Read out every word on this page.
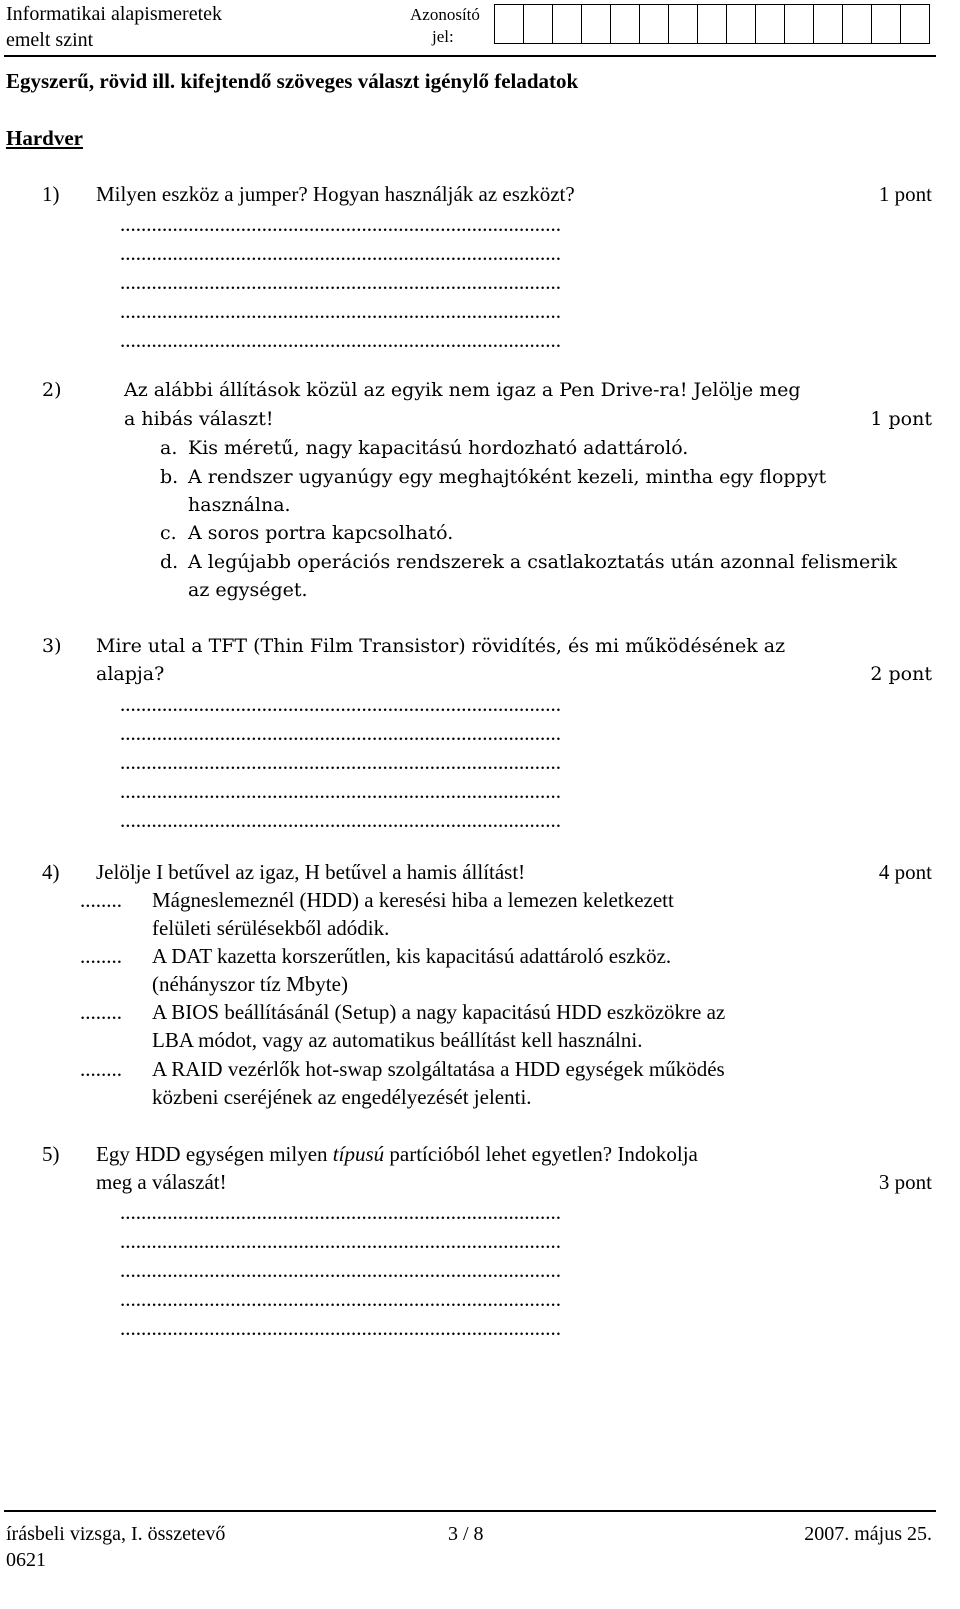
Informatikai alapismeretek
emelt szint
Azonosító
jel:
Egyszerű, rövid ill. kifejtendő szöveges választ igénylő feladatok
Hardver
1) Milyen eszköz a jumper? Hogyan használják az eszközt?	1 pont
....................................................................................
....................................................................................
....................................................................................
....................................................................................
....................................................................................
2)	Az alábbi állítások közül az egyik nem igaz a Pen Drive-ra! Jelölje meg
a hibás választ!	1 pont
a. Kis méretű, nagy kapacitású hordozható adattároló.
b. A rendszer ugyanúgy egy meghajtóként kezeli, mintha egy floppyt
használna.
c. A soros portra kapcsolható.
d. A legújabb operációs rendszerek a csatlakoztatás után azonnal felismerik
az egységet.
3) Mire utal a TFT (Thin Film Transistor) rövidítés, és mi működésének az
alapja?	2 pont
....................................................................................
....................................................................................
....................................................................................
....................................................................................
....................................................................................
4) Jelölje I betűvel az igaz, H betűvel a hamis állítást!	4 pont
........ Mágneslemeznél (HDD) a keresési hiba a lemezen keletkezett
felületi sérülésekből adódik.
........ A DAT kazetta korszerűtlen, kis kapacitású adattároló eszköz.
(néhányszor tíz Mbyte)
........ A BIOS beállításánál (Setup) a nagy kapacitású HDD eszközökre az
LBA módot, vagy az automatikus beállítást kell használni.
........ A RAID vezérlők hot-swap szolgáltatása a HDD egységek működés
közbeni cseréjének az engedélyezését jelenti.
5) Egy HDD egységen milyen típusú partícióból lehet egyetlen? Indokolja
meg a válaszát!	3 pont
....................................................................................
....................................................................................
....................................................................................
....................................................................................
....................................................................................
írásbeli vizsga, I. összetevő	3 / 8	2007. május 25.
0621
